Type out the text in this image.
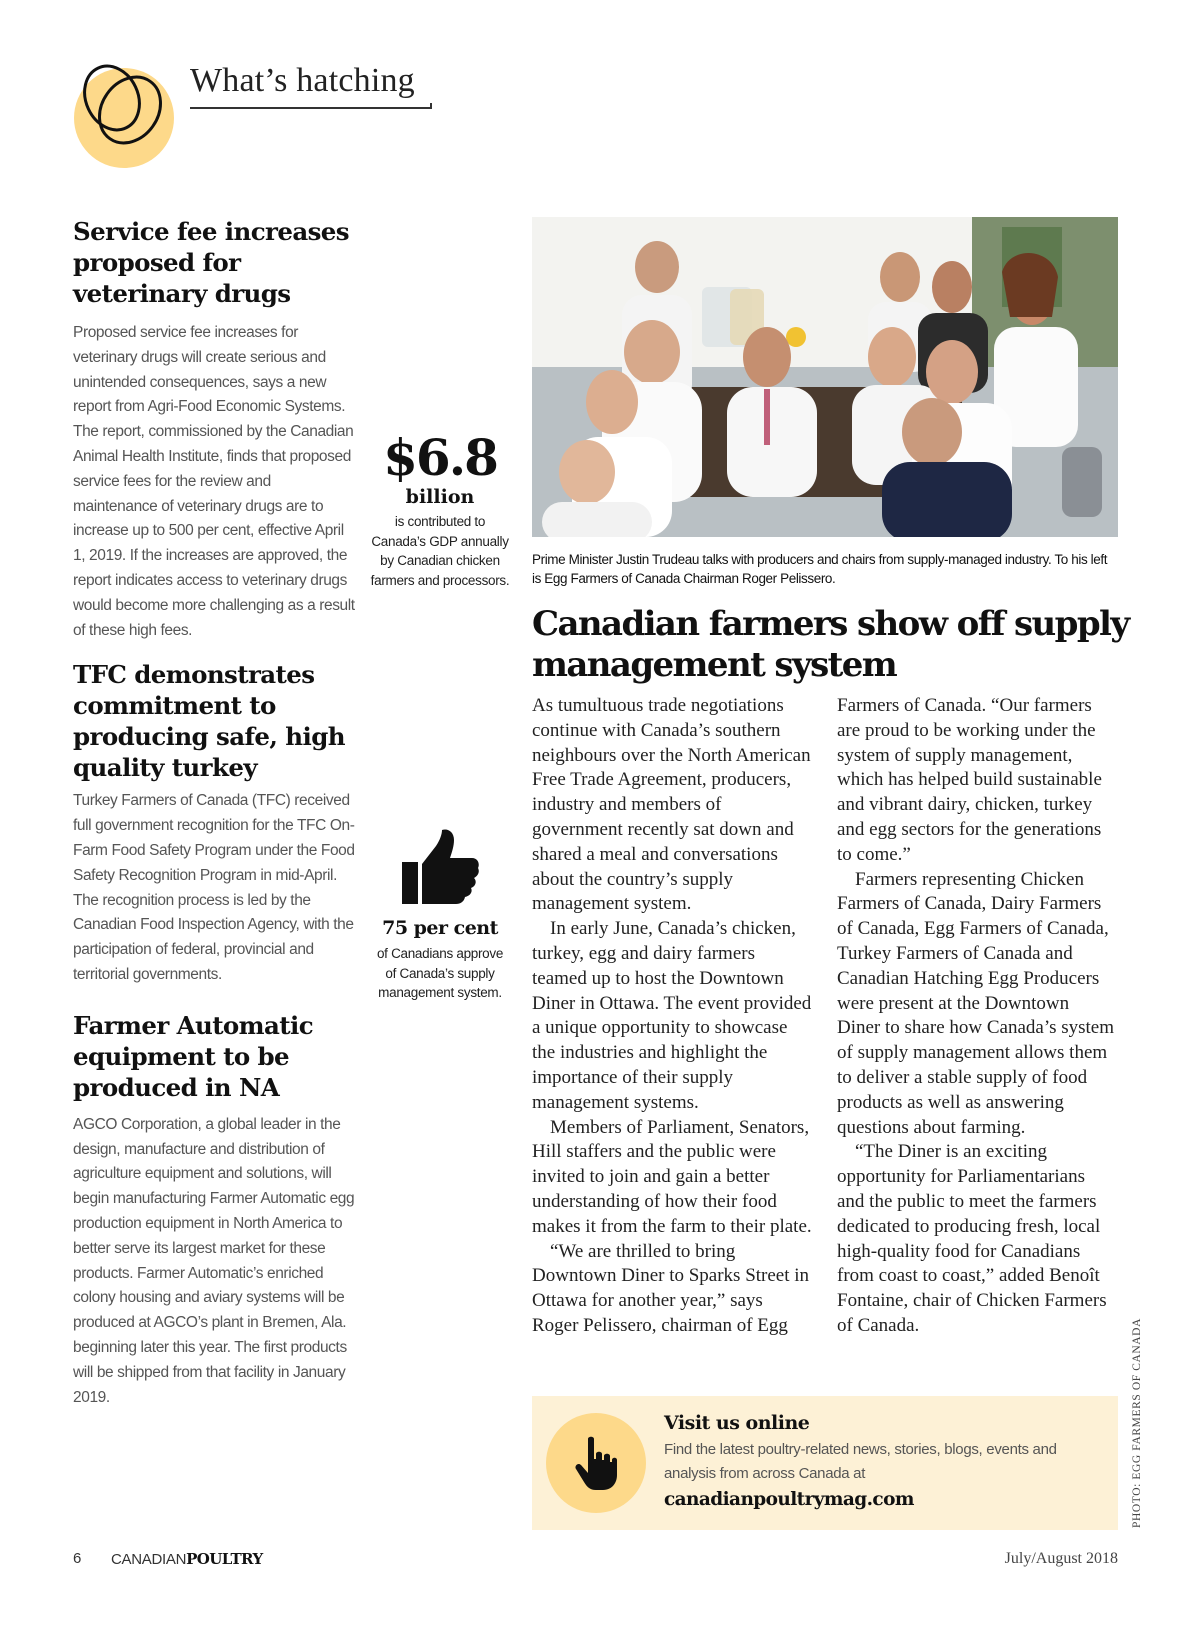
What’s hatching
Service fee increases proposed for veterinary drugs

Proposed service fee increases for veterinary drugs will create serious and unintended consequences, says a new report from Agri-Food Economic Systems. The report, commissioned by the Canadian Animal Health Institute, finds that proposed service fees for the review and maintenance of veterinary drugs are to increase up to 500 per cent, effective April 1, 2019. If the increases are approved, the report indicates access to veterinary drugs would become more challenging as a result of these high fees.

TFC demonstrates commitment to producing safe, high quality turkey

Turkey Farmers of Canada (TFC) received full government recognition for the TFC On-Farm Food Safety Program under the Food Safety Recognition Program in mid-April. The recognition process is led by the Canadian Food Inspection Agency, with the participation of federal, provincial and territorial governments.

Farmer Automatic equipment to be produced in NA

AGCO Corporation, a global leader in the design, manufacture and distribution of agriculture equipment and solutions, will begin manufacturing Farmer Automatic egg production equipment in North America to better serve its largest market for these products. Farmer Automatic’s enriched colony housing and aviary systems will be produced at AGCO’s plant in Bremen, Ala. beginning later this year. The first products will be shipped from that facility in January 2019.

$6.8
billion
is contributed to Canada’s GDP annually by Canadian chicken farmers and processors.
75 per cent
of Canadians approve of Canada’s supply management system.
Prime Minister Justin Trudeau talks with producers and chairs from supply-managed industry. To his left is Egg Farmers of Canada Chairman Roger Pelissero.
Canadian farmers show off supply management system

As tumultuous trade negotiations continue with Canada’s southern neighbours over the North American Free Trade Agreement, producers, industry and members of government recently sat down and shared a meal and conversations about the country’s supply management system.

In early June, Canada’s chicken, turkey, egg and dairy farmers teamed up to host the Downtown Diner in Ottawa. The event provided a unique opportunity to showcase the industries and highlight the importance of their supply management systems.

Members of Parliament, Senators, Hill staffers and the public were invited to join and gain a better understanding of how their food makes it from the farm to their plate.

“We are thrilled to bring Downtown Diner to Sparks Street in Ottawa for another year,” says Roger Pelissero, chairman of Egg

Farmers of Canada. “Our farmers are proud to be working under the system of supply management, which has helped build sustainable and vibrant dairy, chicken, turkey and egg sectors for the generations to come.”

Farmers representing Chicken Farmers of Canada, Dairy Farmers of Canada, Egg Farmers of Canada, Turkey Farmers of Canada and Canadian Hatching Egg Producers were present at the Downtown Diner to share how Canada’s system of supply management allows them to deliver a stable supply of food products as well as answering questions about farming.

“The Diner is an exciting opportunity for Parliamentarians and the public to meet the farmers dedicated to producing fresh, local high-quality food for Canadians from coast to coast,” added Benoît Fontaine, chair of Chicken Farmers of Canada.	PHOTO: EGG FARMERS OF CANADA
Visit us online
Find the latest poultry-related news, stories, blogs, events and analysis from across Canada at
canadianpoultrymag.com
6 CANADIANPOULTRY	July/August 2018
